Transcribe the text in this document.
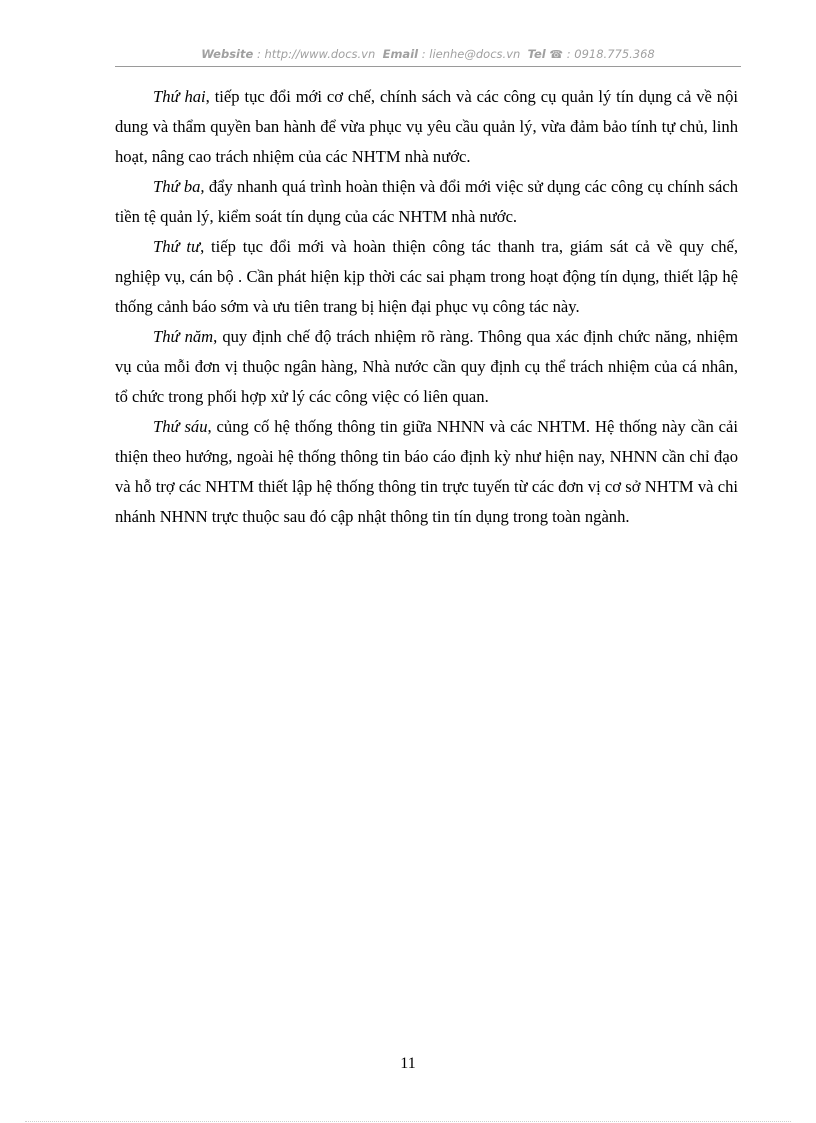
Website : http://www.docs.vn Email : lienhe@docs.vn Tel ☎ : 0918.775.368

Thứ hai, tiếp tục đổi mới cơ chế, chính sách và các công cụ quản lý tín dụng cả về nội dung và thẩm quyền ban hành để vừa phục vụ yêu cầu quản lý, vừa đảm bảo tính tự chủ, linh hoạt, nâng cao trách nhiệm của các NHTM nhà nước.

Thứ ba, đẩy nhanh quá trình hoàn thiện và đổi mới việc sử dụng các công cụ chính sách tiền tệ quản lý, kiểm soát tín dụng của các NHTM nhà nước.

Thứ tư, tiếp tục đổi mới và hoàn thiện công tác thanh tra, giám sát cả về quy chế, nghiệp vụ, cán bộ . Cần phát hiện kịp thời các sai phạm trong hoạt động tín dụng, thiết lập hệ thống cảnh báo sớm và ưu tiên trang bị hiện đại phục vụ công tác này.

Thứ năm, quy định chế độ trách nhiệm rõ ràng. Thông qua xác định chức năng, nhiệm vụ của mỗi đơn vị thuộc ngân hàng, Nhà nước cần quy định cụ thể trách nhiệm của cá nhân, tổ chức trong phối hợp xử lý các công việc có liên quan.

Thứ sáu, củng cố hệ thống thông tin giữa NHNN và các NHTM. Hệ thống này cần cải thiện theo hướng, ngoài hệ thống thông tin báo cáo định kỳ như hiện nay, NHNN cần chỉ đạo và hỗ trợ các NHTM thiết lập hệ thống thông tin trực tuyến từ các đơn vị cơ sở NHTM và chi nhánh NHNN trực thuộc sau đó cập nhật thông tin tín dụng trong toàn ngành.

11
